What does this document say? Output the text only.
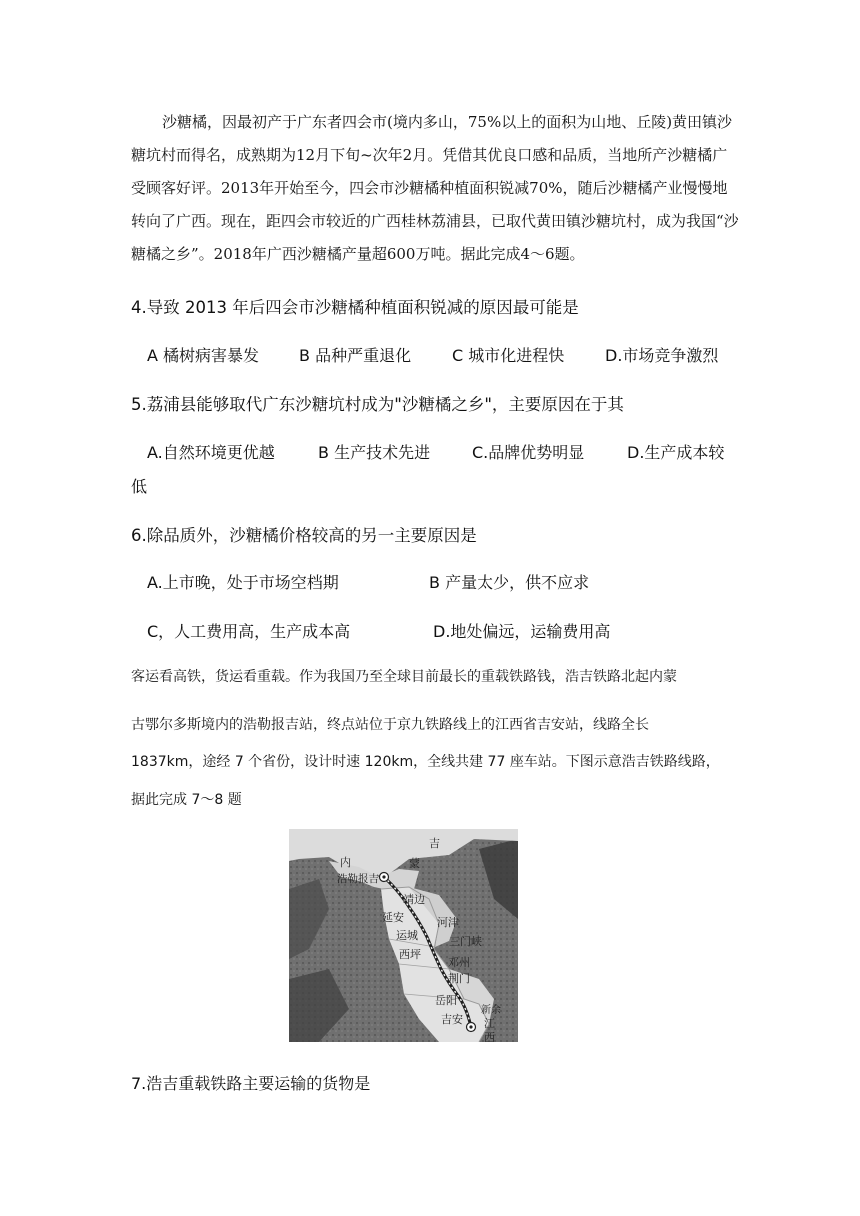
沙糖橘，因最初产于广东者四会市(境内多山，75%以上的面积为山地、丘陵)黄田镇沙
糖坑村而得名，成熟期为12月下旬~次年2月。凭借其优良口感和品质，当地所产沙糖橘广
受顾客好评。2013年开始至今，四会市沙糖橘种植面积锐减70%，随后沙糖橘产业慢慢地
转向了广西。现在，距四会市较近的广西桂林荔浦县，已取代黄田镇沙糖坑村，成为我国“沙
糖橘之乡”。2018年广西沙糖橘产量超600万吨。据此完成4～6题。
4.导致 2013 年后四会市沙糖橘种植面积锐减的原因最可能是
A 橘树病害暴发 B 品种严重退化	C 城市化进程快	D.市场竞争激烈
5.荔浦县能够取代广东沙糖坑村成为"沙糖橘之乡"，主要原因在于其
A.自然环境更优越	B 生产技术先进	C.品牌优势明显	D.生产成本较
低
6.除品质外，沙糖橘价格较高的另一主要原因是
A.上市晚，处于市场空档期	B 产量太少，供不应求
C，人工费用高，生产成本高	D.地处偏远，运输费用高
客运看高铁，货运看重载。作为我国乃至全球目前最长的重载铁路钱，浩吉铁路北起内蒙
古鄂尔多斯境内的浩勒报吉站，终点站位于京九铁路线上的江西省吉安站，线路全长
1837km，途经 7 个省份，设计时速 120km，全线共建 77 座车站。下图示意浩吉铁路线路，
据此完成 7～8 题
吉
内	蒙
浩勒报吉
靖边
延安	河津
运城	三门峡
西坪
邓州
荆门
岳阳
新余
吉安 江
西
7.浩吉重载铁路主要运输的货物是
